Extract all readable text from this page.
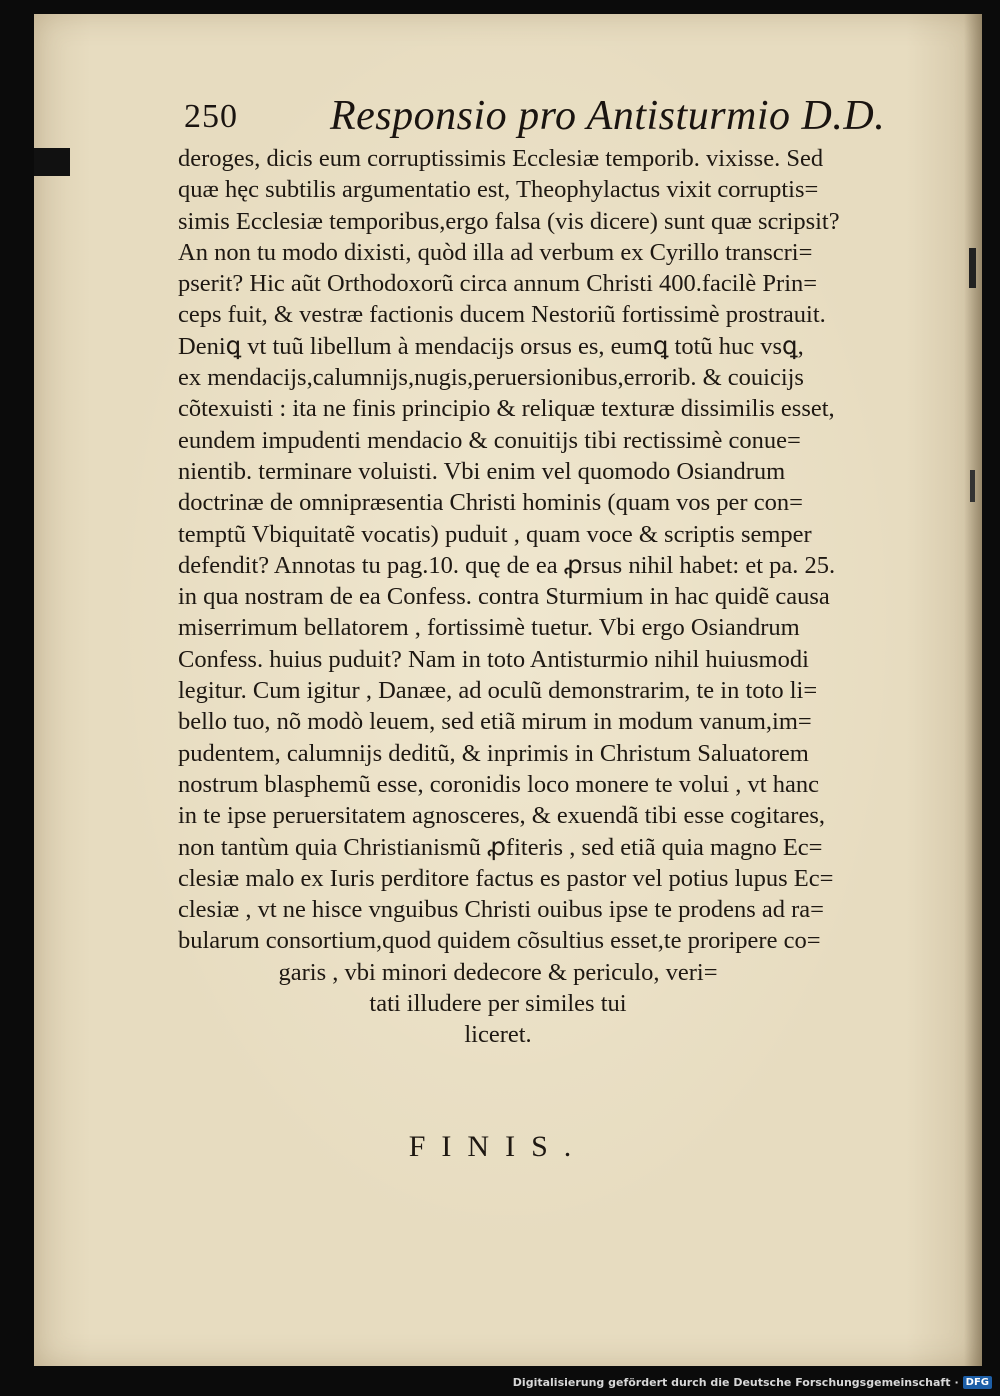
250 Responsio pro Antisturmio D.D.
deroges, dicis eum corruptissimis Ecclesiæ temporib. vixisse. Sed
quæ hęc subtilis argumentatio est, Theophylactus vixit corruptis=
simis Ecclesiæ temporibus,ergo falsa (vis dicere) sunt quæ scripsit?
An non tu modo dixisti, quòd illa ad verbum ex Cyrillo transcri=
pserit? Hic aũt Orthodoxorũ circa annum Christi 400.facilè Prin=
ceps fuit, & vestræ factionis ducem Nestoriũ fortissimè prostrauit.
Deniꝗ vt tuũ libellum à mendacijs orsus es, eumꝗ totũ huc vsꝗ,
ex mendacijs,calumnijs,nugis,peruersionibus,errorib. & couicijs
cõtexuisti : ita ne finis principio & reliquæ texturæ dissimilis esset,
eundem impudenti mendacio & conuitijs tibi rectissimè conue=
nientib. terminare voluisti. Vbi enim vel quomodo Osiandrum
doctrinæ de omnipræsentia Christi hominis (quam vos per con=
temptũ Vbiquitatẽ vocatis) puduit , quam voce & scriptis semper
defendit? Annotas tu pag.10. quę de ea ꝓrsus nihil habet: et pa. 25.
in qua nostram de ea Confess. contra Sturmium in hac quidẽ causa
miserrimum bellatorem , fortissimè tuetur. Vbi ergo Osiandrum
Confess. huius puduit? Nam in toto Antisturmio nihil huiusmodi
legitur. Cum igitur , Danæe, ad oculũ demonstrarim, te in toto li=
bello tuo, nõ modò leuem, sed etiã mirum in modum vanum,im=
pudentem, calumnijs deditũ, & inprimis in Christum Saluatorem
nostrum blasphemũ esse, coronidis loco monere te volui , vt hanc
in te ipse peruersitatem agnosceres, & exuendã tibi esse cogitares,
non tantùm quia Christianismũ ꝓfiteris , sed etiã quia magno Ec=
clesiæ malo ex Iuris perditore factus es pastor vel potius lupus Ec=
clesiæ , vt ne hisce vnguibus Christi ouibus ipse te prodens ad ra=
bularum consortium,quod quidem cõsultius esset,te proripere co=
garis , vbi minori dedecore & periculo, veri=
tati illudere per similes tui
liceret.
FINIS.
Digitalisierung gefördert durch die Deutsche Forschungsgemeinschaft · DFG
